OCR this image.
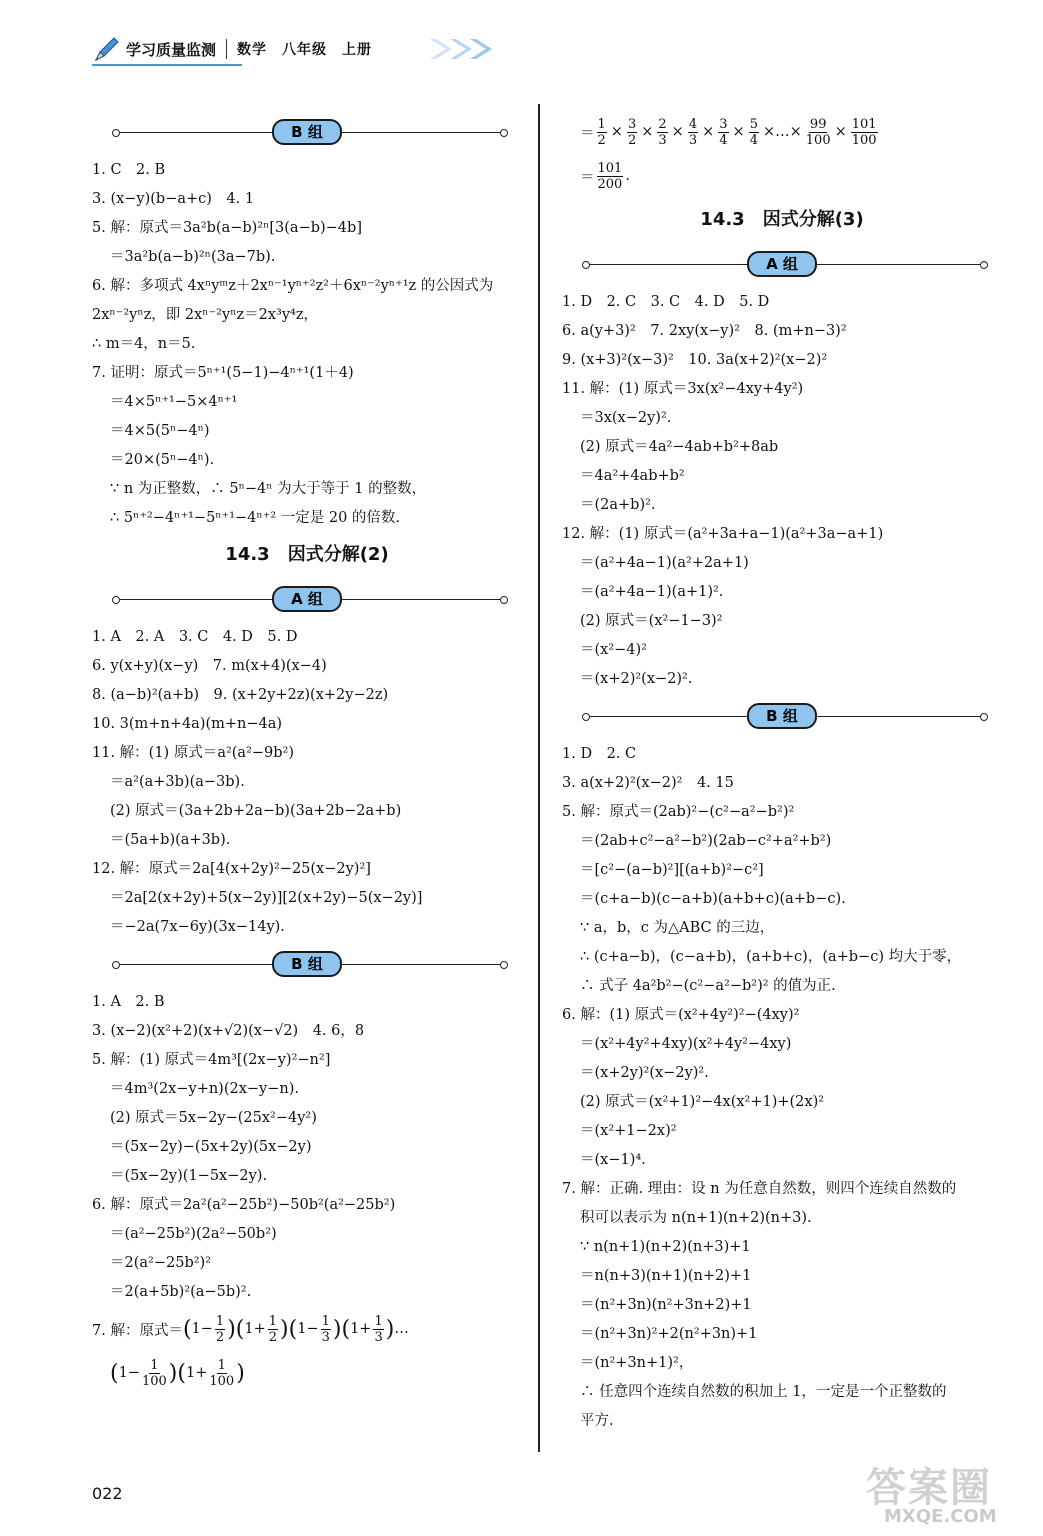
学习质量监测 数学　八年级　上册
B 组
1. C　2. B
3. (x−y)(b−a+c)　4. 1
5. 解：原式＝3a²b(a−b)²ⁿ[3(a−b)−4b]
＝3a²b(a−b)²ⁿ(3a−7b).
6. 解：多项式 4xⁿyᵐz＋2xⁿ⁻¹yⁿ⁺²z²＋6xⁿ⁻²yⁿ⁺¹z 的公因式为
2xⁿ⁻²yⁿz，即 2xⁿ⁻²yⁿz＝2x³y⁴z，
∴ m＝4，n＝5.
7. 证明：原式＝5ⁿ⁺¹(5−1)−4ⁿ⁺¹(1＋4)
＝4×5ⁿ⁺¹−5×4ⁿ⁺¹
＝4×5(5ⁿ−4ⁿ)
＝20×(5ⁿ−4ⁿ).
∵ n 为正整数，∴ 5ⁿ−4ⁿ 为大于等于 1 的整数，
∴ 5ⁿ⁺²−4ⁿ⁺¹−5ⁿ⁺¹−4ⁿ⁺² 一定是 20 的倍数.
14.3　因式分解(2)
A 组
1. A　2. A　3. C　4. D　5. D
6. y(x+y)(x−y)　7. m(x+4)(x−4)
8. (a−b)²(a+b)　9. (x+2y+2z)(x+2y−2z)
10. 3(m+n+4a)(m+n−4a)
11. 解：(1) 原式＝a²(a²−9b²)
＝a²(a+3b)(a−3b).
(2) 原式＝(3a+2b+2a−b)(3a+2b−2a+b)
＝(5a+b)(a+3b).
12. 解：原式＝2a[4(x+2y)²−25(x−2y)²]
＝2a[2(x+2y)+5(x−2y)][2(x+2y)−5(x−2y)]
＝−2a(7x−6y)(3x−14y).
B 组
1. A　2. B
3. (x−2)(x²+2)(x+√2)(x−√2)　4. 6，8
5. 解：(1) 原式＝4m³[(2x−y)²−n²]
＝4m³(2x−y+n)(2x−y−n).
(2) 原式＝5x−2y−(25x²−4y²)
＝(5x−2y)−(5x+2y)(5x−2y)
＝(5x−2y)(1−5x−2y).
6. 解：原式＝2a²(a²−25b²)−50b²(a²−25b²)
＝(a²−25b²)(2a²−50b²)
＝2(a²−25b²)²
＝2(a+5b)²(a−5b)².
7. 解：原式＝ ( $1- \frac{1}{2}$ ) ( $1+ \frac{1}{2}$ ) ( $1- \frac{1}{3}$ ) ( $1+ \frac{1}{3}$ ) …
( $1- \frac{1}{100}$ ) ( $1+ \frac{1}{100}$ )
＝ $\frac{1}{2} \times \frac{3}{2} \times \frac{2}{3} \times \frac{4}{3} \times \frac{3}{4} \times \frac{5}{4}$ ×…× $\frac{99}{100} \times \frac{101}{100}$
＝ $\frac{101}{200}$ .
14.3　因式分解(3)
A 组
1. D　2. C　3. C　4. D　5. D
6. a(y+3)²　7. 2xy(x−y)²　8. (m+n−3)²
9. (x+3)²(x−3)²　10. 3a(x+2)²(x−2)²
11. 解：(1) 原式＝3x(x²−4xy+4y²)
＝3x(x−2y)².
(2) 原式＝4a²−4ab+b²+8ab
＝4a²+4ab+b²
＝(2a+b)².
12. 解：(1) 原式＝(a²+3a+a−1)(a²+3a−a+1)
＝(a²+4a−1)(a²+2a+1)
＝(a²+4a−1)(a+1)².
(2) 原式＝(x²−1−3)²
＝(x²−4)²
＝(x+2)²(x−2)².
B 组
1. D　2. C
3. a(x+2)²(x−2)²　4. 15
5. 解：原式＝(2ab)²−(c²−a²−b²)²
＝(2ab+c²−a²−b²)(2ab−c²+a²+b²)
＝[c²−(a−b)²][(a+b)²−c²]
＝(c+a−b)(c−a+b)(a+b+c)(a+b−c).
∵ a，b，c 为△ABC 的三边，
∴ (c+a−b)，(c−a+b)，(a+b+c)，(a+b−c) 均大于零，
∴ 式子 4a²b²−(c²−a²−b²)² 的值为正.
6. 解：(1) 原式＝(x²+4y²)²−(4xy)²
＝(x²+4y²+4xy)(x²+4y²−4xy)
＝(x+2y)²(x−2y)².
(2) 原式＝(x²+1)²−4x(x²+1)+(2x)²
＝(x²+1−2x)²
＝(x−1)⁴.
7. 解：正确. 理由：设 n 为任意自然数，则四个连续自然数的
积可以表示为 n(n+1)(n+2)(n+3).
∵ n(n+1)(n+2)(n+3)+1
＝n(n+3)(n+1)(n+2)+1
＝(n²+3n)(n²+3n+2)+1
＝(n²+3n)²+2(n²+3n)+1
＝(n²+3n+1)²，
∴ 任意四个连续自然数的积加上 1，一定是一个正整数的
平方.
022	答案圈
MXQE.COM
